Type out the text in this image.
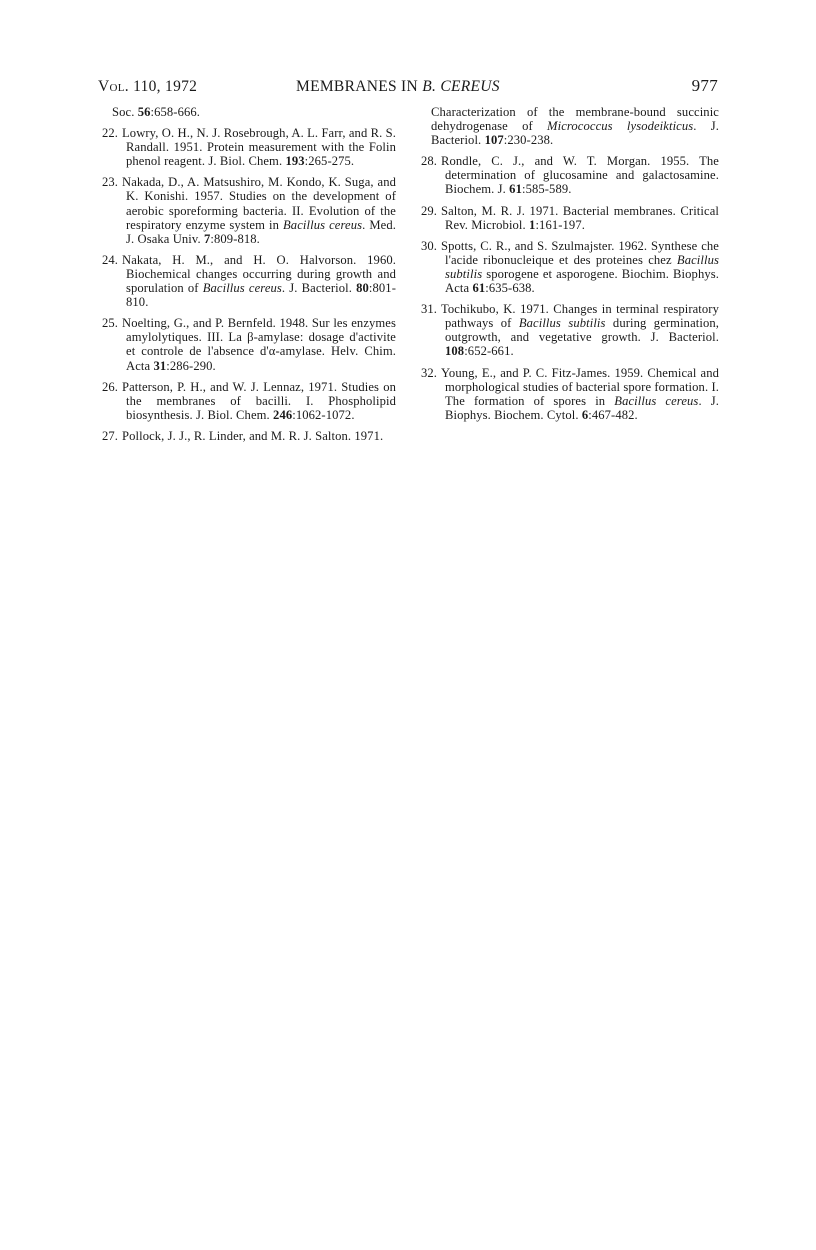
Vol. 110, 1972	MEMBRANES IN B. CEREUS	977
Soc. 56:658-666.
22. Lowry, O. H., N. J. Rosebrough, A. L. Farr, and R. S. Randall. 1951. Protein measurement with the Folin phenol reagent. J. Biol. Chem. 193:265-275.
23. Nakada, D., A. Matsushiro, M. Kondo, K. Suga, and K. Konishi. 1957. Studies on the development of aerobic sporeforming bacteria. II. Evolution of the respiratory enzyme system in Bacillus cereus. Med. J. Osaka Univ. 7:809-818.
24. Nakata, H. M., and H. O. Halvorson. 1960. Biochemical changes occurring during growth and sporulation of Bacillus cereus. J. Bacteriol. 80:801-810.
25. Noelting, G., and P. Bernfeld. 1948. Sur les enzymes amylolytiques. III. La β-amylase: dosage d'activite et controle de l'absence d'α-amylase. Helv. Chim. Acta 31:286-290.
26. Patterson, P. H., and W. J. Lennaz, 1971. Studies on the membranes of bacilli. I. Phospholipid biosynthesis. J. Biol. Chem. 246:1062-1072.
27. Pollock, J. J., R. Linder, and M. R. J. Salton. 1971.
Characterization of the membrane-bound succinic dehydrogenase of Micrococcus lysodeikticus. J. Bacteriol. 107:230-238.
28. Rondle, C. J., and W. T. Morgan. 1955. The determination of glucosamine and galactosamine. Biochem. J. 61:585-589.
29. Salton, M. R. J. 1971. Bacterial membranes. Critical Rev. Microbiol. 1:161-197.
30. Spotts, C. R., and S. Szulmajster. 1962. Synthese che l'acide ribonucleique et des proteines chez Bacillus subtilis sporogene et asporogene. Biochim. Biophys. Acta 61:635-638.
31. Tochikubo, K. 1971. Changes in terminal respiratory pathways of Bacillus subtilis during germination, outgrowth, and vegetative growth. J. Bacteriol. 108:652-661.
32. Young, E., and P. C. Fitz-James. 1959. Chemical and morphological studies of bacterial spore formation. I. The formation of spores in Bacillus cereus. J. Biophys. Biochem. Cytol. 6:467-482.
